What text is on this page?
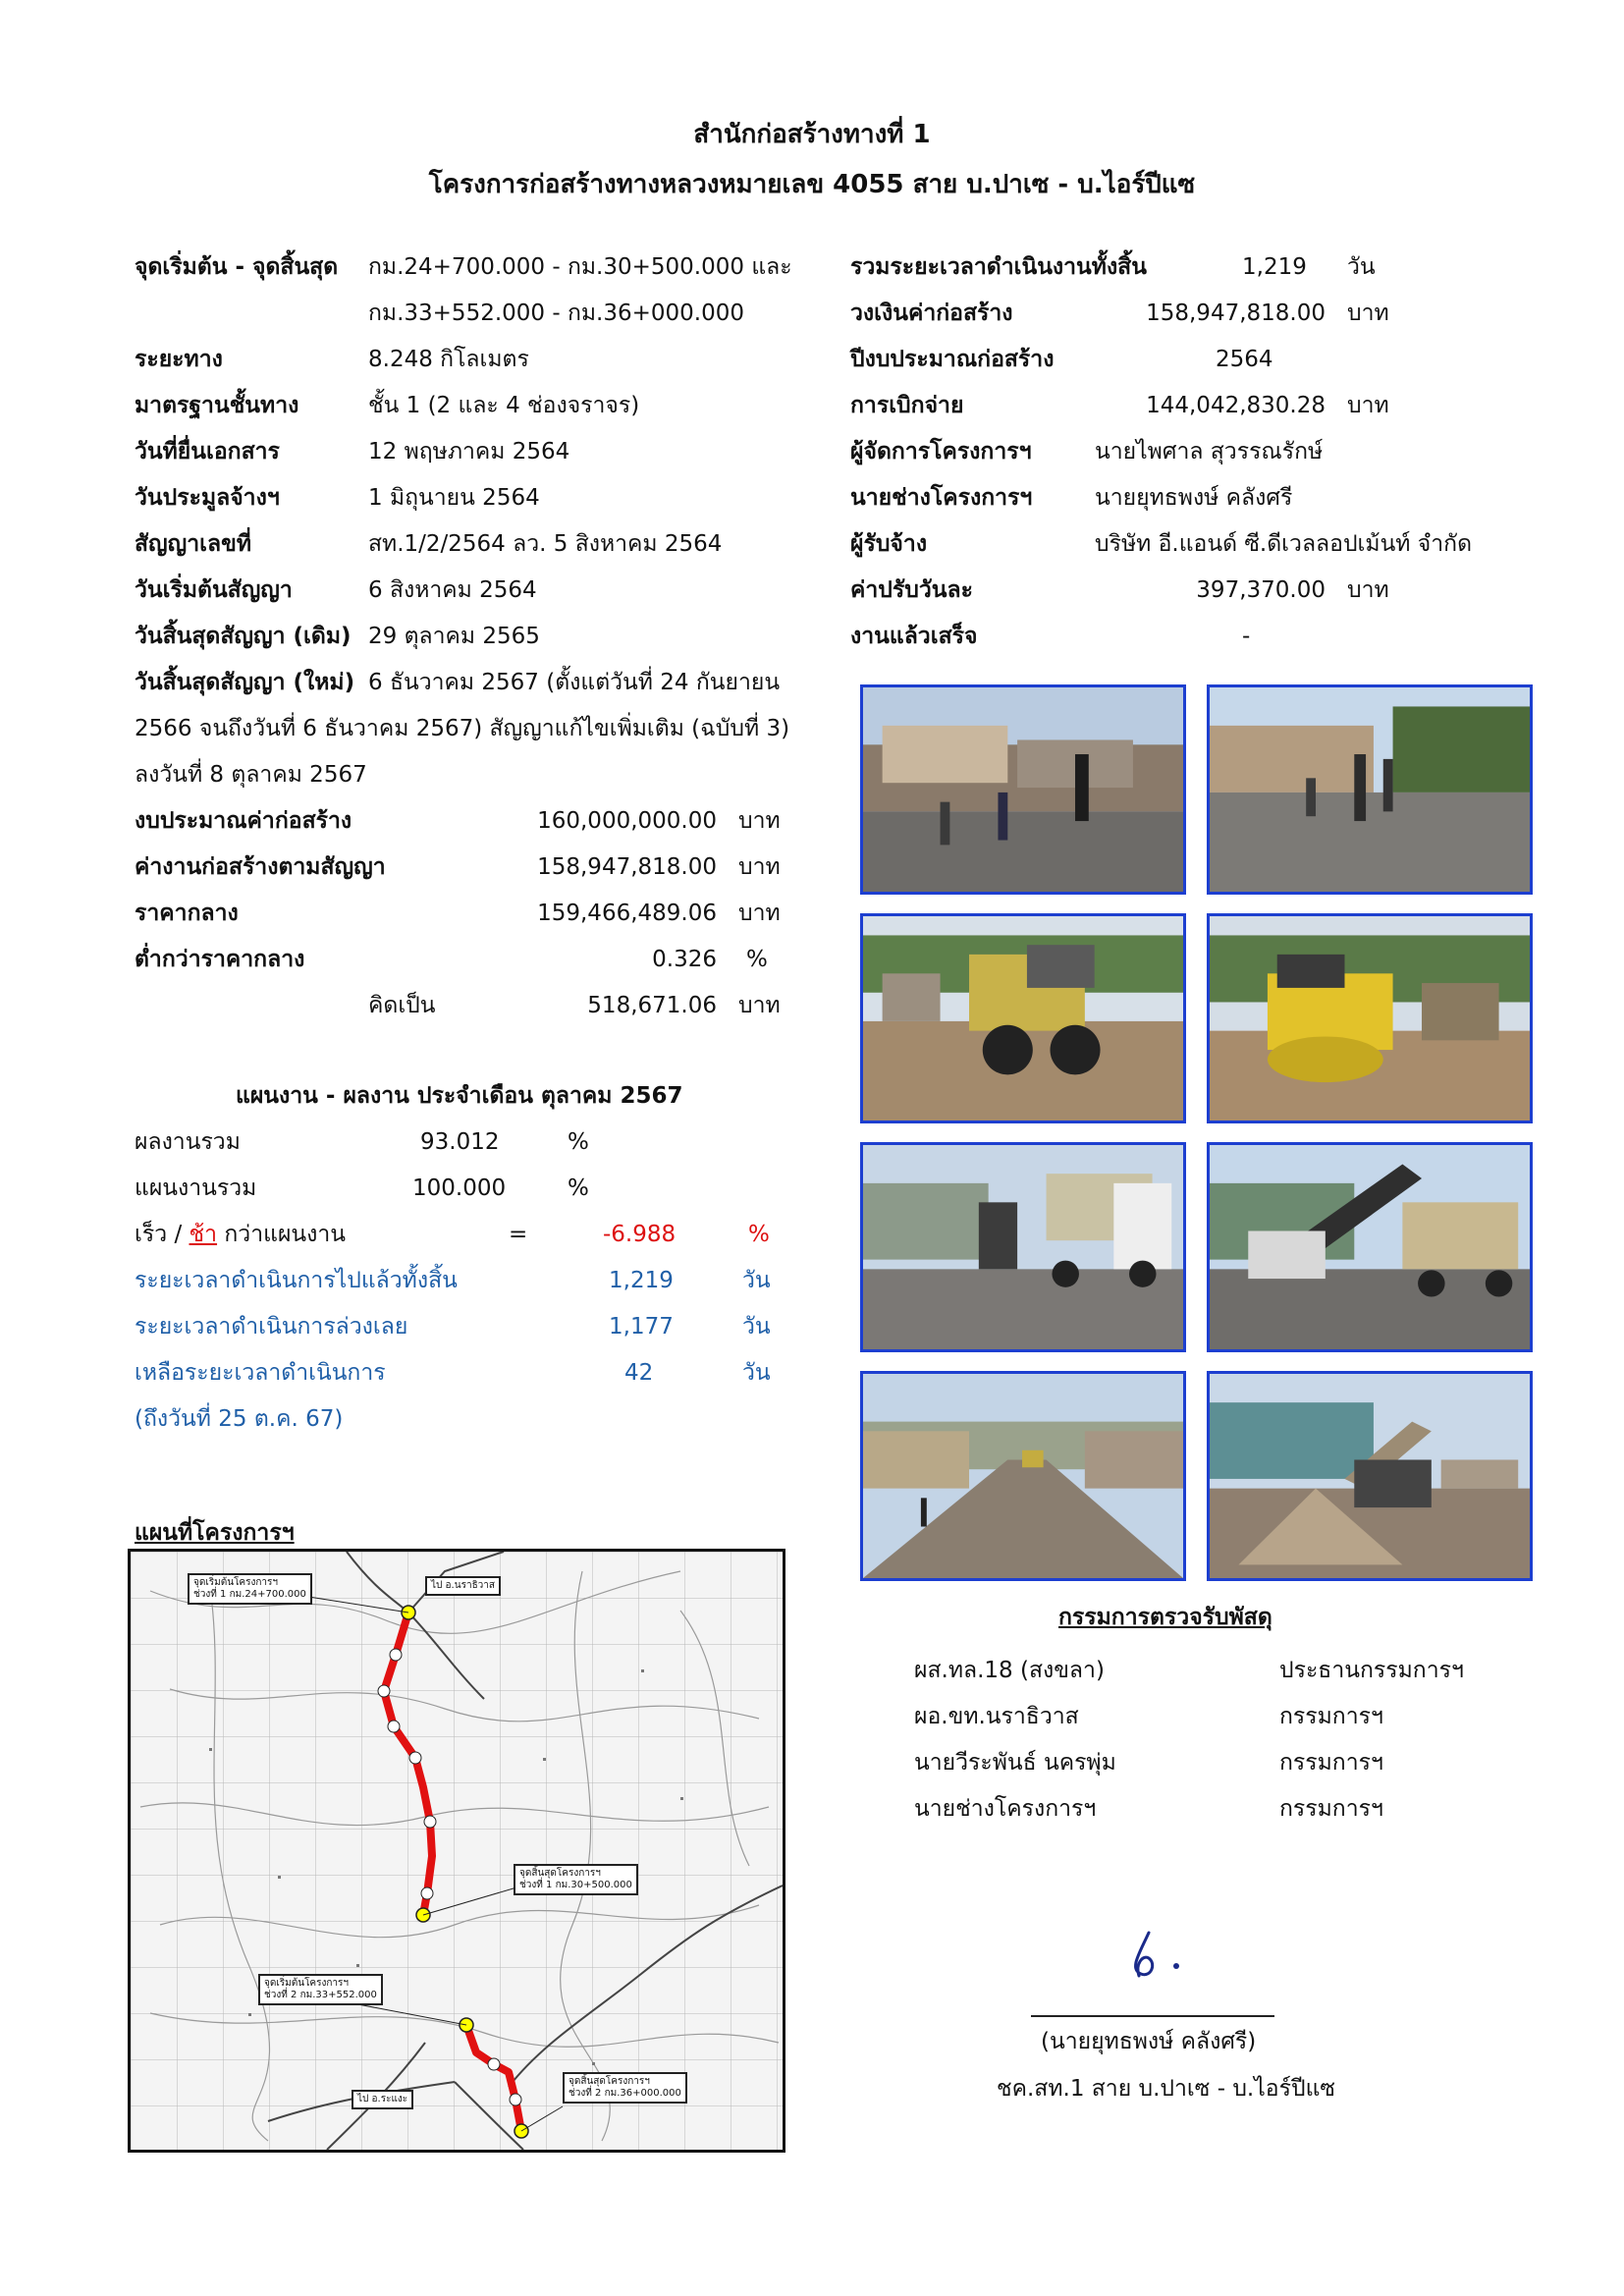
สำนักก่อสร้างทางที่ 1
โครงการก่อสร้างทางหลวงหมายเลข 4055 สาย บ.ปาเซ - บ.ไอร์ปีแซ
จุดเริ่มต้น - จุดสิ้นสุด กม.24+700.000 - กม.30+500.000 และ
กม.33+552.000 - กม.36+000.000
ระยะทาง	8.248 กิโลเมตร
มาตรฐานชั้นทาง	ชั้น 1 (2 และ 4 ช่องจราจร)
วันที่ยื่นเอกสาร	12 พฤษภาคม 2564
วันประมูลจ้างฯ	1 มิถุนายน 2564
สัญญาเลขที่	สท.1/2/2564 ลว. 5 สิงหาคม 2564
วันเริ่มต้นสัญญา	6 สิงหาคม 2564
วันสิ้นสุดสัญญา (เดิม) 29 ตุลาคม 2565
วันสิ้นสุดสัญญา (ใหม่) 6 ธันวาคม 2567 (ตั้งแต่วันที่ 24 กันยายน
2566 จนถึงวันที่ 6 ธันวาคม 2567) สัญญาแก้ไขเพิ่มเติม (ฉบับที่ 3)
ลงวันที่ 8 ตุลาคม 2567
งบประมาณค่าก่อสร้าง	160,000,000.00 บาท
ค่างานก่อสร้างตามสัญญา	158,947,818.00 บาท
ราคากลาง	159,466,489.06 บาท
ต่ำกว่าราคากลาง	0.326 %
คิดเป็น	518,671.06 บาท
รวมระยะเวลาดำเนินงานทั้งสิ้น	1,219 วัน
วงเงินค่าก่อสร้าง	158,947,818.00 บาท
ปีงบประมาณก่อสร้าง	2564
การเบิกจ่าย	144,042,830.28 บาท
ผู้จัดการโครงการฯ	นายไพศาล สุวรรณรักษ์
นายช่างโครงการฯ	นายยุทธพงษ์ คลังศรี
ผู้รับจ้าง	บริษัท อี.แอนด์ ซี.ดีเวลลอปเม้นท์ จำกัด
ค่าปรับวันละ	397,370.00 บาท
งานแล้วเสร็จ	-
แผนงาน - ผลงาน ประจำเดือน ตุลาคม 2567
ผลงานรวม	93.012	%
แผนงานรวม	100.000	%
เร็ว / ช้า กว่าแผนงาน	=	-6.988	%
ระยะเวลาดำเนินการไปแล้วทั้งสิ้น	1,219	วัน
ระยะเวลาดำเนินการล่วงเลย	1,177	วัน
เหลือระยะเวลาดำเนินการ	42	วัน
(ถึงวันที่ 25 ต.ค. 67)
แผนที่โครงการฯ
จุดเริ่มต้นโครงการฯ
ช่วงที่ 1 กม.24+700.000
ไป อ.นราธิวาส
จุดสิ้นสุดโครงการฯ
ช่วงที่ 1 กม.30+500.000
จุดเริ่มต้นโครงการฯ
ช่วงที่ 2 กม.33+552.000
จุดสิ้นสุดโครงการฯ
ช่วงที่ 2 กม.36+000.000
ไป อ.ระแงะ
กรรมการตรวจรับพัสดุ
ผส.ทล.18 (สงขลา)	ประธานกรรมการฯ
ผอ.ขท.นราธิวาส	กรรมการฯ
นายวีระพันธ์ นครพุ่ม	กรรมการฯ
นายช่างโครงการฯ	กรรมการฯ
(นายยุทธพงษ์ คลังศรี)
ชค.สท.1 สาย บ.ปาเซ - บ.ไอร์ปีแซ
